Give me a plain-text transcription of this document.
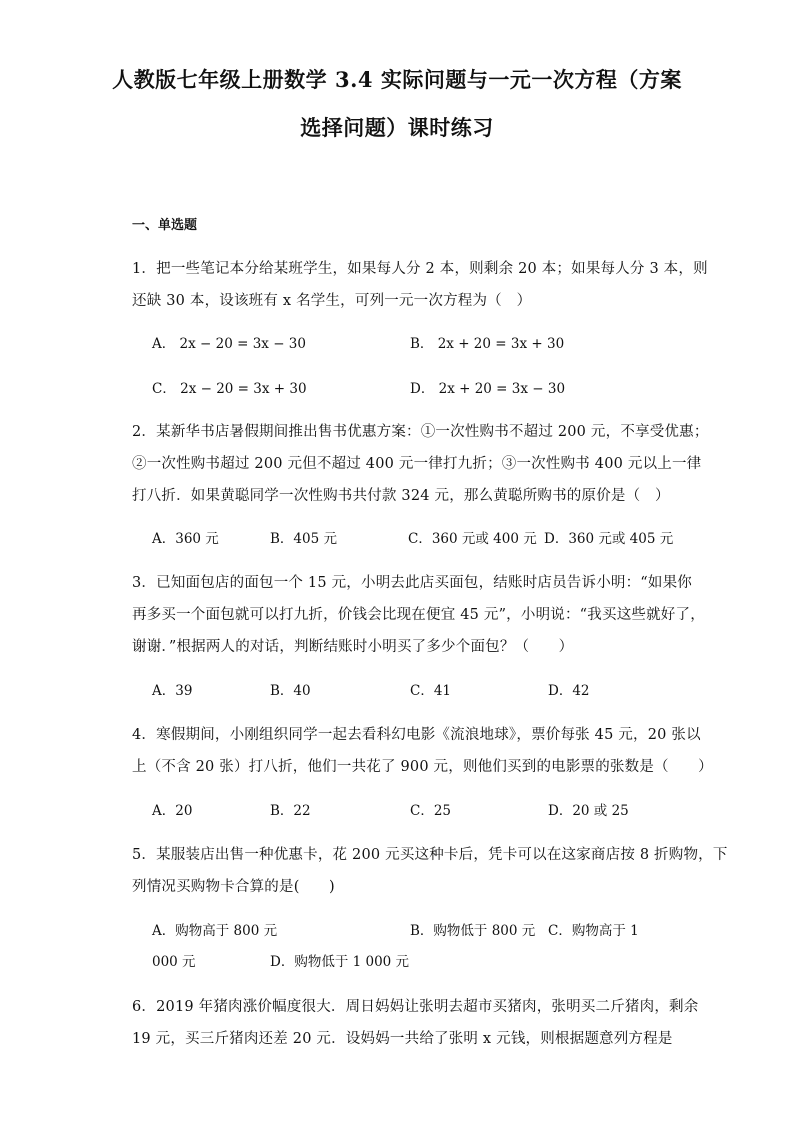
人教版七年级上册数学 3.4 实际问题与一元一次方程（方案
选择问题）课时练习
一、单选题
1．把一些笔记本分给某班学生，如果每人分 2 本，则剩余 20 本；如果每人分 3 本，则
还缺 30 本，设该班有 x 名学生，可列一元一次方程为（　）
A． 2x − 20 = 3x − 30	B． 2x + 20 = 3x + 30
C． 2x − 20 = 3x + 30	D． 2x + 20 = 3x − 30
2．某新华书店暑假期间推出售书优惠方案：①一次性购书不超过 200 元，不享受优惠；
②一次性购书超过 200 元但不超过 400 元一律打九折；③一次性购书 400 元以上一律
打八折．如果黄聪同学一次性购书共付款 324 元，那么黄聪所购书的原价是（　）
A．360 元	B．405 元	C．360 元或 400 元 D．360 元或 405 元
3．已知面包店的面包一个 15 元，小明去此店买面包，结账时店员告诉小明：“如果你
再多买一个面包就可以打九折，价钱会比现在便宜 45 元”，小明说：“我买这些就好了，
谢谢．”根据两人的对话，判断结账时小明买了多少个面包？（　　）
A．39	B．40	C．41	D．42
4．寒假期间，小刚组织同学一起去看科幻电影《流浪地球》，票价每张 45 元，20 张以
上（不含 20 张）打八折，他们一共花了 900 元，则他们买到的电影票的张数是（　　）
A．20	B．22	C．25	D．20 或 25
5．某服装店出售一种优惠卡，花 200 元买这种卡后，凭卡可以在这家商店按 8 折购物，下
列情况买购物卡合算的是(　　)
A．购物高于 800 元	B．购物低于 800 元 C．购物高于 1
000 元	D．购物低于 1 000 元
6．2019 年猪肉涨价幅度很大．周日妈妈让张明去超市买猪肉，张明买二斤猪肉，剩余
19 元，买三斤猪肉还差 20 元．设妈妈一共给了张明 x 元钱，则根据题意列方程是
